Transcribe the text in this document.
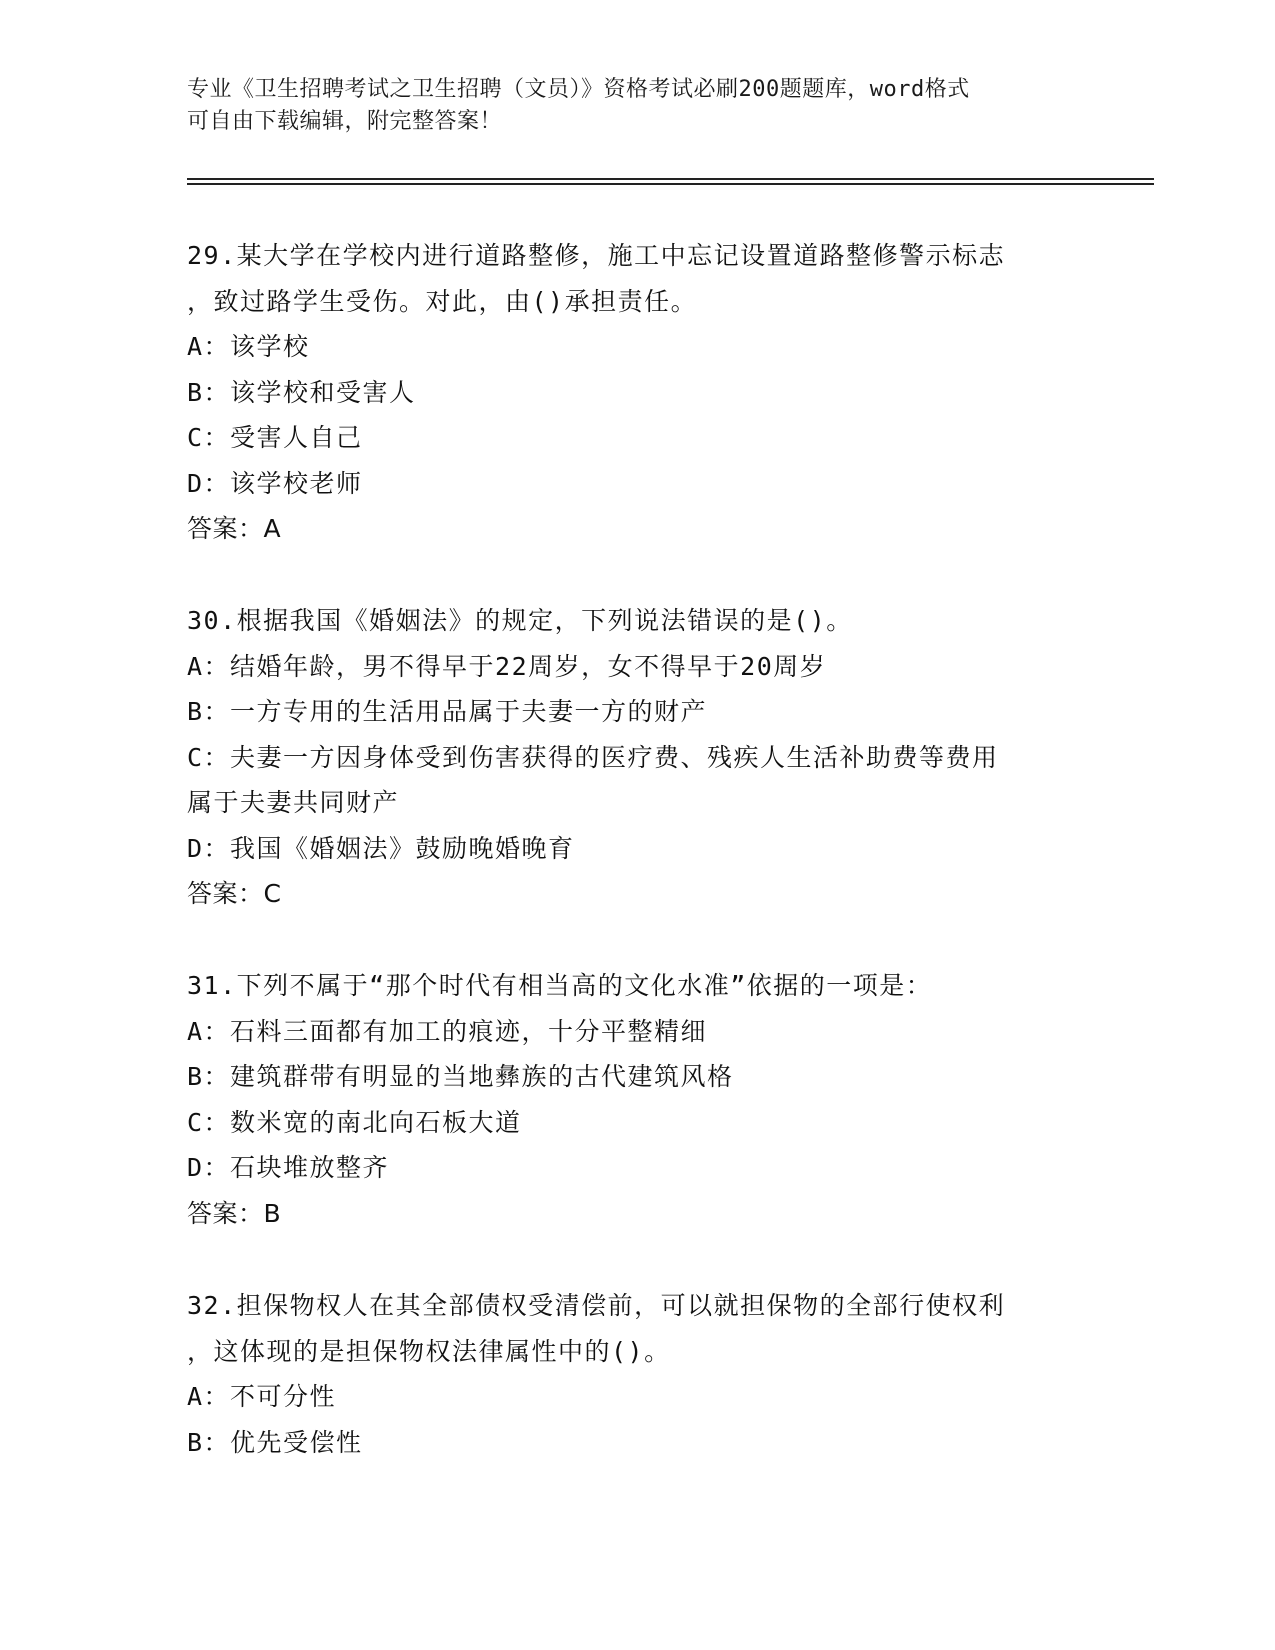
专业《卫生招聘考试之卫生招聘（文员）》资格考试必刷200题题库，word格式
可自由下载编辑，附完整答案！
29.某大学在学校内进行道路整修，施工中忘记设置道路整修警示标志
，致过路学生受伤。对此，由()承担责任。
A：该学校
B：该学校和受害人
C：受害人自己
D：该学校老师
答案：A
30.根据我国《婚姻法》的规定，下列说法错误的是()。
A：结婚年龄，男不得早于22周岁，女不得早于20周岁
B：一方专用的生活用品属于夫妻一方的财产
C：夫妻一方因身体受到伤害获得的医疗费、残疾人生活补助费等费用
属于夫妻共同财产
D：我国《婚姻法》鼓励晚婚晚育
答案：C
31.下列不属于“那个时代有相当高的文化水准”依据的一项是：
A：石料三面都有加工的痕迹，十分平整精细
B：建筑群带有明显的当地彝族的古代建筑风格
C：数米宽的南北向石板大道
D：石块堆放整齐
答案：B
32.担保物权人在其全部债权受清偿前，可以就担保物的全部行使权利
，这体现的是担保物权法律属性中的()。
A：不可分性
B：优先受偿性
